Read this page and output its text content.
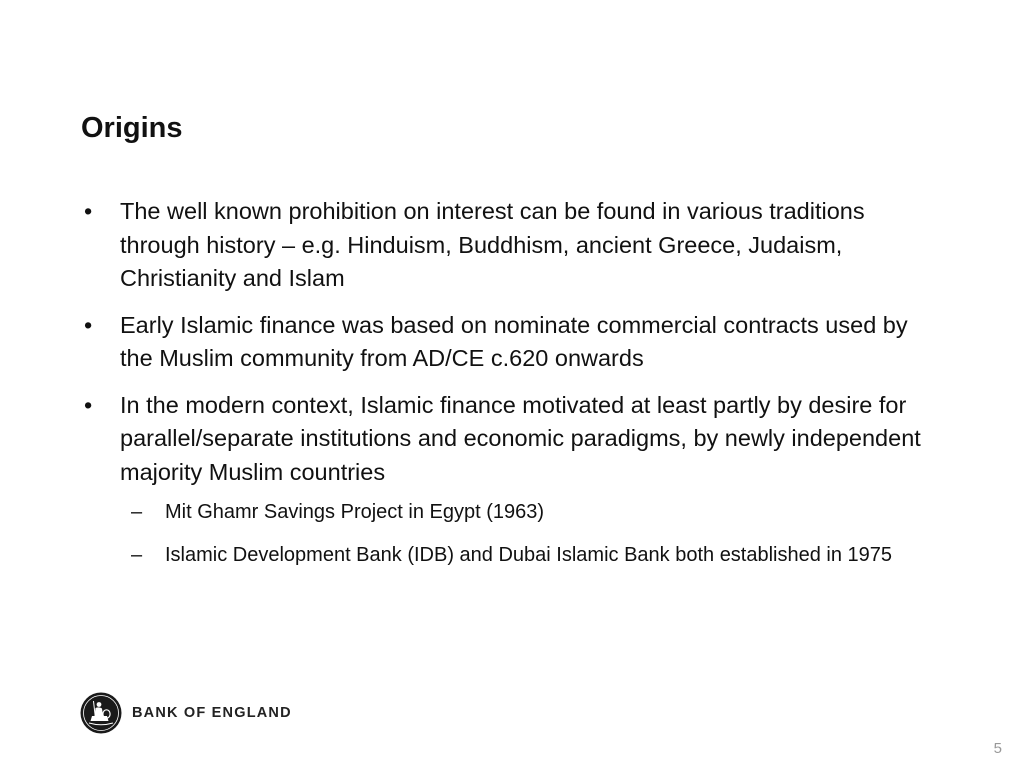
Origins
• The well known prohibition on interest can be found in various traditions through history – e.g. Hinduism, Buddhism, ancient Greece, Judaism, Christianity and Islam
• Early Islamic finance was based on nominate commercial contracts used by the Muslim community from AD/CE c.620 onwards
• In the modern context, Islamic finance motivated at least partly by desire for parallel/separate institutions and economic paradigms, by newly independent majority Muslim countries
– Mit Ghamr Savings Project in Egypt (1963)
– Islamic Development Bank (IDB) and Dubai Islamic Bank both established in 1975
BANK OF ENGLAND
5
